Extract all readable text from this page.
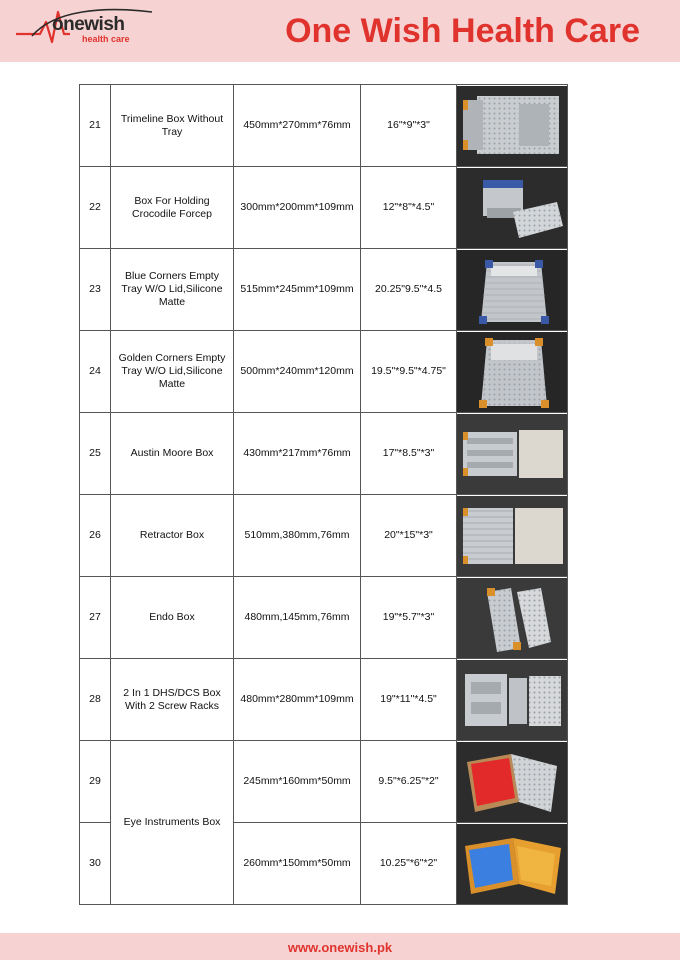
onewish
health care	One Wish Health Care
21	Trimeline Box Without Tray	450mm*270mm*76mm	16"*9"*3"	

22	Box For Holding Crocodile Forcep	300mm*200mm*109mm	12"*8"*4.5"	

23	Blue Corners Empty Tray W/O Lid,Silicone Matte	515mm*245mm*109mm	20.25"9.5"*4.5	

24	Golden Corners Empty Tray W/O Lid,Silicone Matte	500mm*240mm*120mm	19.5"*9.5"*4.75"	

25	Austin Moore Box	430mm*217mm*76mm	17"*8.5"*3"	

26	Retractor Box	510mm,380mm,76mm	20"*15"*3"	

27	Endo Box	480mm,145mm,76mm	19"*5.7"*3"	

28	2 In 1 DHS/DCS Box With 2 Screw Racks	480mm*280mm*109mm	19"*11"*4.5"	

29	Eye Instruments Box	245mm*160mm*50mm	9.5"*6.25"*2"	

30		260mm*150mm*50mm	10.25"*6"*2"	
www.onewish.pk
